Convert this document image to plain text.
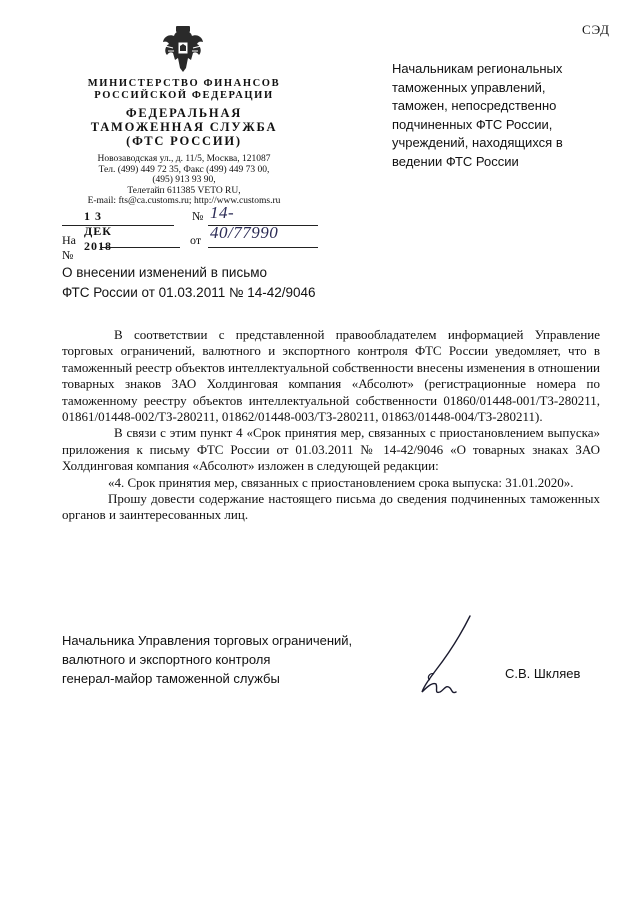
СЭД
МИНИСТЕРСТВО ФИНАНСОВ
РОССИЙСКОЙ ФЕДЕРАЦИИ
ФЕДЕРАЛЬНАЯ
ТАМОЖЕННАЯ СЛУЖБА
(ФТС РОССИИ)
Новозаводская ул., д. 11/5, Москва, 121087
Тел. (499) 449 72 35, Факс (499) 449 73 00,
(495) 913 93 90,
Телетайп 611385 VETO RU,
E-mail: fts@ca.customs.ru; http://www.customs.ru
1 3 ДЕК 2018
№ 14-40/77990
На №
от
Начальникам региональных таможенных управлений, таможен, непосредственно подчиненных ФТС России, учреждений, находящихся в ведении ФТС России
О внесении изменений в письмо
ФТС России от 01.03.2011 № 14-42/9046

В соответствии с представленной правообладателем информацией Управление торговых ограничений, валютного и экспортного контроля ФТС России уведомляет, что в таможенный реестр объектов интеллектуальной собственности внесены изменения в отношении товарных знаков ЗАО Холдинговая компания «Абсолют» (регистрационные номера по таможенному реестру объектов интеллектуальной собственности 01860/01448-001/ТЗ-280211, 01861/01448-002/ТЗ-280211, 01862/01448-003/ТЗ-280211, 01863/01448-004/ТЗ-280211).

В связи с этим пункт 4 «Срок принятия мер, связанных с приостановлением выпуска» приложения к письму ФТС России от 01.03.2011 № 14-42/9046 «О товарных знаках ЗАО Холдинговая компания «Абсолют» изложен в следующей редакции:

«4. Срок принятия мер, связанных с приостановлением срока выпуска: 31.01.2020».

Прошу довести содержание настоящего письма до сведения подчиненных таможенных органов и заинтересованных лиц.

Начальника Управления торговых ограничений,
валютного и экспортного контроля
генерал-майор таможенной службы	С.В. Шкляев
